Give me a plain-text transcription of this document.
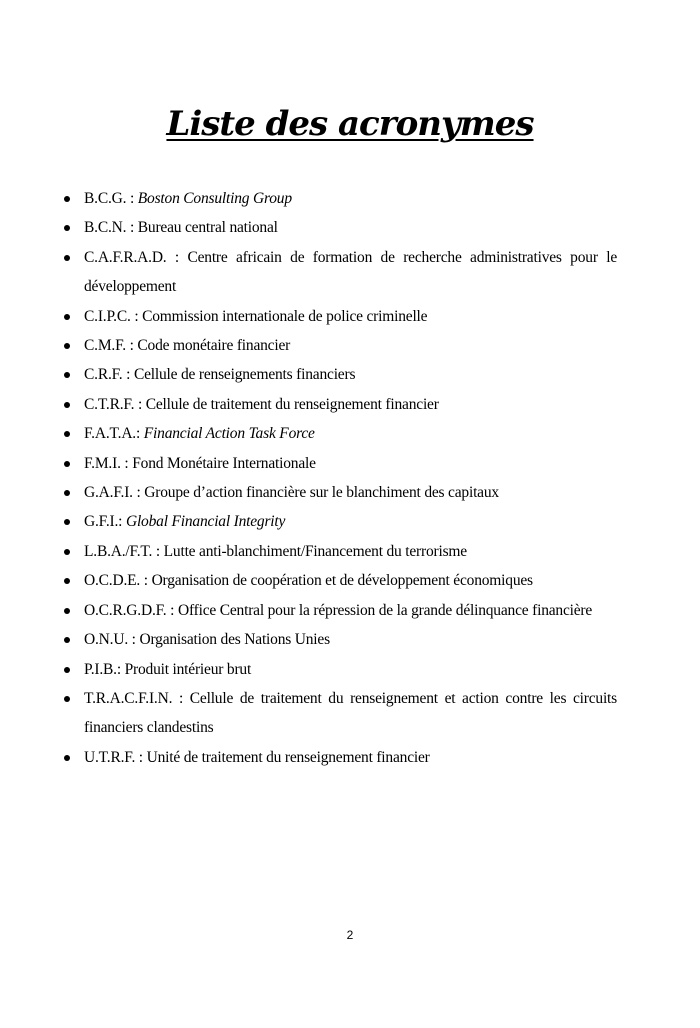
Liste des acronymes
B.C.G. : Boston Consulting Group
B.C.N. : Bureau central national
C.A.F.R.A.D. : Centre africain de formation de recherche administratives pour le développement
C.I.P.C. : Commission internationale de police criminelle
C.M.F. : Code monétaire financier
C.R.F. : Cellule de renseignements financiers
C.T.R.F. : Cellule de traitement du renseignement financier
F.A.T.A.: Financial Action Task Force
F.M.I. : Fond Monétaire Internationale
G.A.F.I. : Groupe d’action financière sur le blanchiment des capitaux
G.F.I.: Global Financial Integrity
L.B.A./F.T. : Lutte anti-blanchiment/Financement du terrorisme
O.C.D.E. : Organisation de coopération et de développement économiques
O.C.R.G.D.F. : Office Central pour la répression de la grande délinquance financière
O.N.U. : Organisation des Nations Unies
P.I.B.: Produit intérieur brut
T.R.A.C.F.I.N. : Cellule de traitement du renseignement et action contre les circuits financiers clandestins
U.T.R.F. : Unité de traitement du renseignement financier
2
